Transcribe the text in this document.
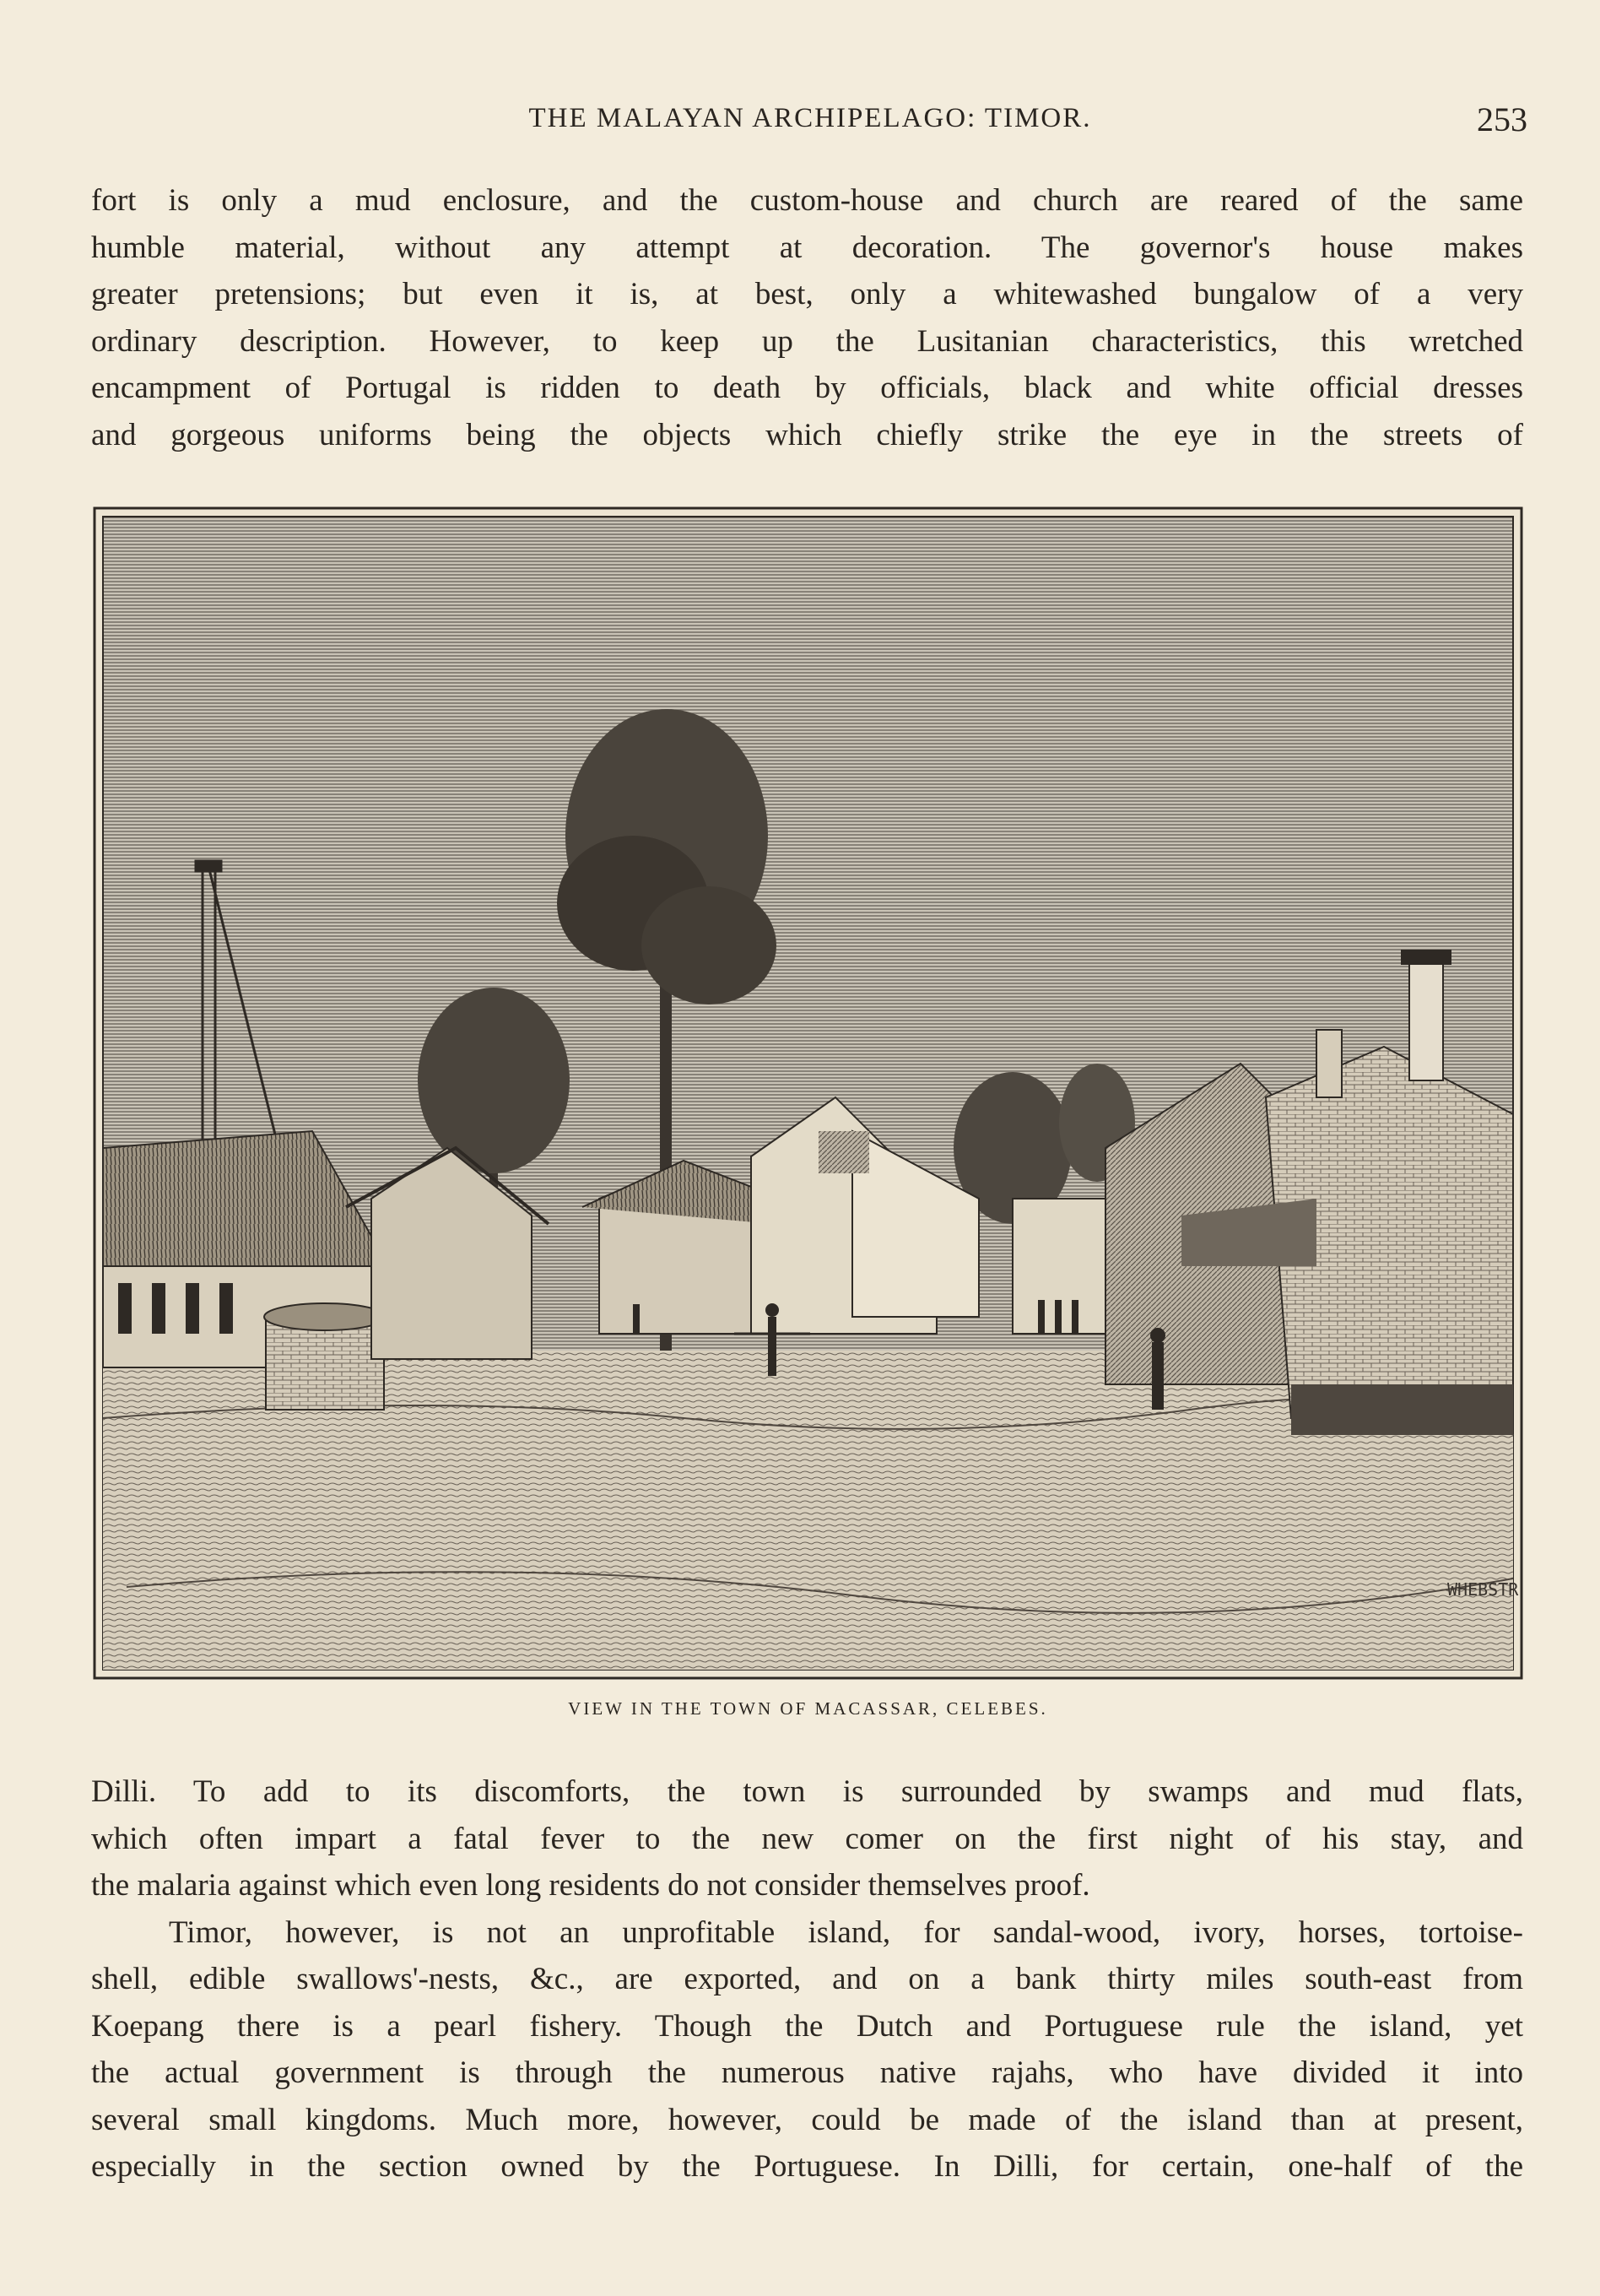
THE MALAYAN ARCHIPELAGO: TIMOR.	253
fort is only a mud enclosure, and the custom-house and church are reared of the same
humble material, without any attempt at decoration. The governor's house makes
greater pretensions; but even it is, at best, only a whitewashed bungalow of a very
ordinary description. However, to keep up the Lusitanian characteristics, this wretched
encampment of Portugal is ridden to death by officials, black and white official dresses
and gorgeous uniforms being the objects which chiefly strike the eye in the streets of
WHEBSTR
VIEW IN THE TOWN OF MACASSAR, CELEBES.
Dilli. To add to its discomforts, the town is surrounded by swamps and mud flats,
which often impart a fatal fever to the new comer on the first night of his stay, and
the malaria against which even long residents do not consider themselves proof.
Timor, however, is not an unprofitable island, for sandal-wood, ivory, horses, tortoise-
shell, edible swallows'-nests, &c., are exported, and on a bank thirty miles south-east from
Koepang there is a pearl fishery. Though the Dutch and Portuguese rule the island, yet
the actual government is through the numerous native rajahs, who have divided it into
several small kingdoms. Much more, however, could be made of the island than at present,
especially in the section owned by the Portuguese. In Dilli, for certain, one-half of the
